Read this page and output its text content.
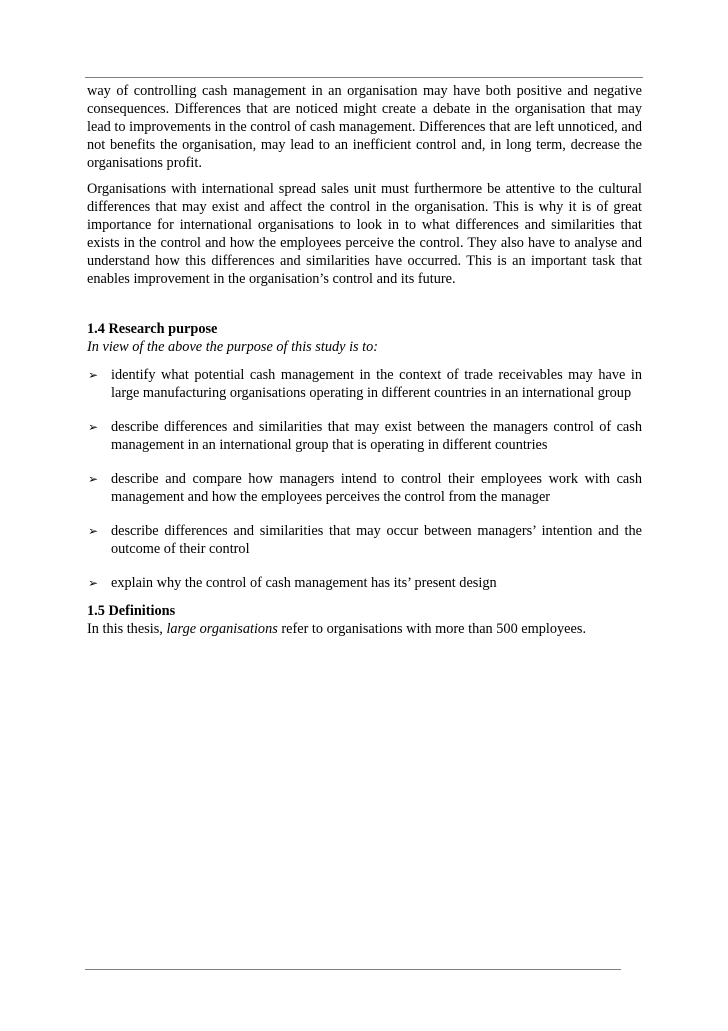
way of controlling cash management in an organisation may have both positive and negative consequences. Differences that are noticed might create a debate in the organisation that may lead to improvements in the control of cash management. Differences that are left unnoticed, and not benefits the organisation, may lead to an inefficient control and, in long term, decrease the organisations profit.

Organisations with international spread sales unit must furthermore be attentive to the cultural differences that may exist and affect the control in the organisation. This is why it is of great importance for international organisations to look in to what differences and similarities that exists in the control and how the employees perceive the control. They also have to analyse and understand how this differences and similarities have occurred. This is an important task that enables improvement in the organisation’s control and its future.

1.4 Research purpose

In view of the above the purpose of this study is to:

➢ identify what potential cash management in the context of trade receivables may have in large manufacturing organisations operating in different countries in an international group
➢ describe differences and similarities that may exist between the managers control of cash management in an international group that is operating in different countries
➢ describe and compare how managers intend to control their employees work with cash management and how the employees perceives the control from the manager
➢ describe differences and similarities that may occur between managers’ intention and the outcome of their control
➢ explain why the control of cash management has its’ present design
1.5 Definitions

In this thesis, large organisations refer to organisations with more than 500 employees.
